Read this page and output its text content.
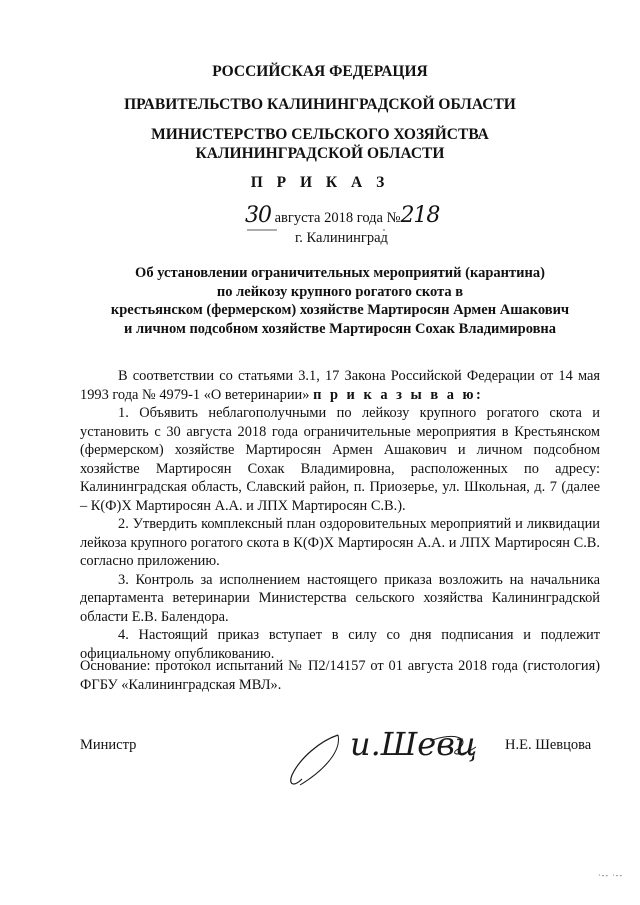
РОССИЙСКАЯ ФЕДЕРАЦИЯ
ПРАВИТЕЛЬСТВО КАЛИНИНГРАДСКОЙ ОБЛАСТИ
МИНИСТЕРСТВО СЕЛЬСКОГО ХОЗЯЙСТВА
КАЛИНИНГРАДСКОЙ ОБЛАСТИ
П Р И К А З
30 августа 2018 года №218
г. Калининград
Об установлении ограничительных мероприятий (карантина)
по лейкозу крупного рогатого скота в
крестьянском (фермерском) хозяйстве Мартиросян Армен Ашакович
и личном подсобном хозяйстве Мартиросян Сохак Владимировна

В соответствии со статьями 3.1, 17 Закона Российской Федерации от 14 мая 1993 года № 4979-1 «О ветеринарии» п р и к а з ы в а ю:

1. Объявить неблагополучными по лейкозу крупного рогатого скота и установить с 30 августа 2018 года ограничительные мероприятия в Крестьянском (фермерском) хозяйстве Мартиросян Армен Ашакович и личном подсобном хозяйстве Мартиросян Сохак Владимировна, расположенных по адресу: Калининградская область, Славский район, п. Приозерье, ул. Школьная, д. 7 (далее – К(Ф)Х Мартиросян А.А. и ЛПХ Мартиросян С.В.).

2. Утвердить комплексный план оздоровительных мероприятий и ликвидации лейкоза крупного рогатого скота в К(Ф)Х Мартиросян А.А. и ЛПХ Мартиросян С.В. согласно приложению.

3. Контроль за исполнением настоящего приказа возложить на начальника департамента ветеринарии Министерства сельского хозяйства Калининградской области Е.В. Балендора.

4. Настоящий приказ вступает в силу со дня подписания и подлежит официальному опубликованию.

Основание: протокол испытаний № П2/14157 от 01 августа 2018 года (гистология) ФГБУ «Калининградская МВЛ».
Министр	и.Шевц Н.Е. Шевцова
·-- ·--
